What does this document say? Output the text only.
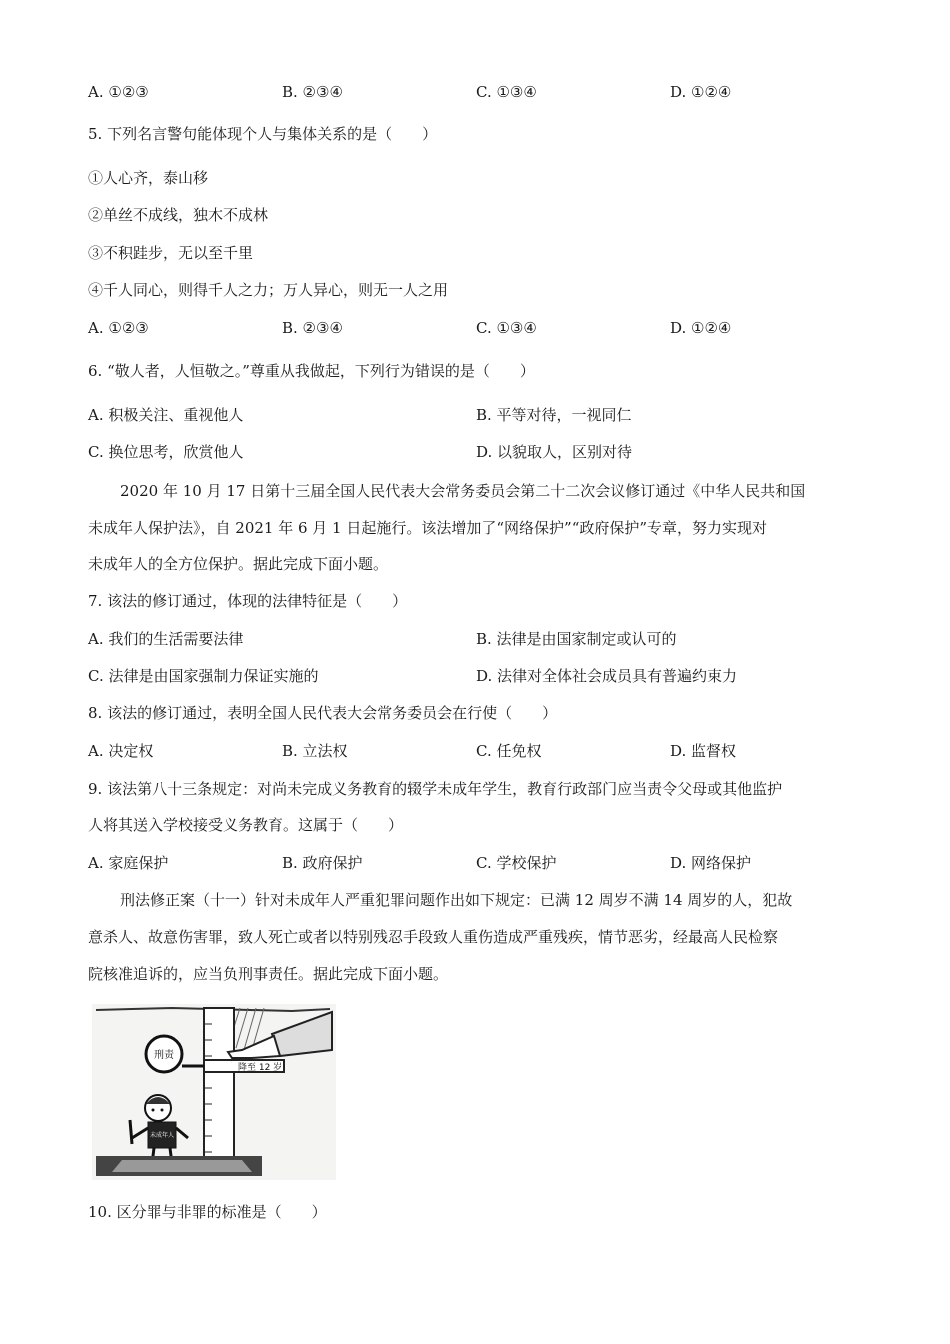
A. ①②③	B. ②③④	C. ①③④	D. ①②④
5. 下列名言警句能体现个人与集体关系的是（　　）
①人心齐，泰山移
②单丝不成线，独木不成林
③不积跬步，无以至千里
④千人同心，则得千人之力；万人异心，则无一人之用
A. ①②③	B. ②③④	C. ①③④	D. ①②④
6. “敬人者，人恒敬之。”尊重从我做起，下列行为错误的是（　　）
A. 积极关注、重视他人	B. 平等对待，一视同仁
C. 换位思考，欣赏他人	D. 以貌取人，区别对待
2020 年 10 月 17 日第十三届全国人民代表大会常务委员会第二十二次会议修订通过《中华人民共和国
未成年人保护法》，自 2021 年 6 月 1 日起施行。该法增加了“网络保护”“政府保护”专章，努力实现对
未成年人的全方位保护。据此完成下面小题。
7. 该法的修订通过，体现的法律特征是（　　）
A. 我们的生活需要法律	B. 法律是由国家制定或认可的
C. 法律是由国家强制力保证实施的	D. 法律对全体社会成员具有普遍约束力
8. 该法的修订通过，表明全国人民代表大会常务委员会在行使（　　）
A. 决定权	B. 立法权	C. 任免权	D. 监督权
9. 该法第八十三条规定：对尚未完成义务教育的辍学未成年学生，教育行政部门应当责令父母或其他监护
人将其送入学校接受义务教育。这属于（　　）
A. 家庭保护	B. 政府保护	C. 学校保护	D. 网络保护
刑法修正案（十一）针对未成年人严重犯罪问题作出如下规定：已满 12 周岁不满 14 周岁的人，犯故
意杀人、故意伤害罪，致人死亡或者以特别残忍手段致人重伤造成严重残疾，情节恶劣，经最高人民检察
院核准追诉的，应当负刑事责任。据此完成下面小题。
降至 12 岁
刑责
未成年人
10. 区分罪与非罪的标准是（　　）
